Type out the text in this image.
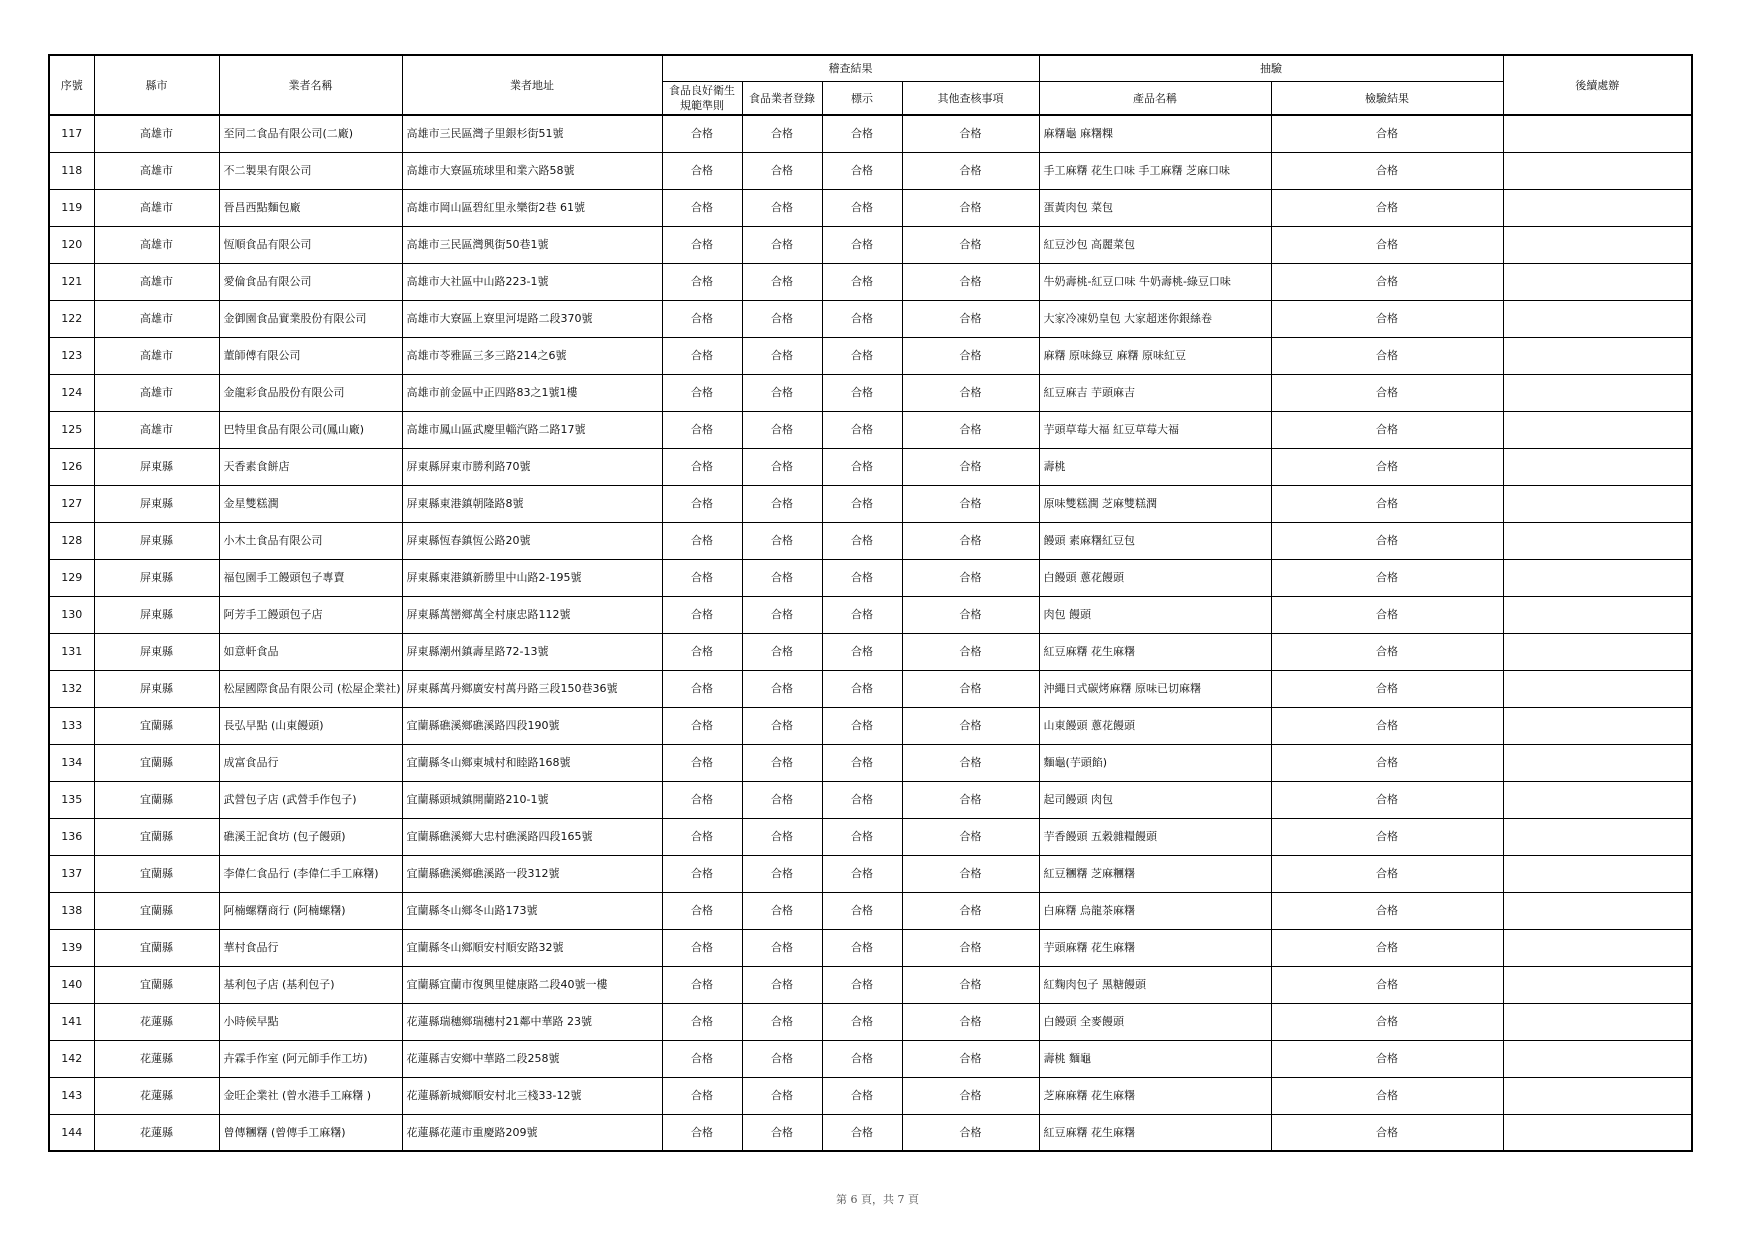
序號	縣市	業者名稱	業者地址	稽查結果				抽驗		後續處辦
				食品良好衛生規範準則	食品業者登錄	標示	其他查核事項	產品名稱	檢驗結果	
117	高雄市	至同二食品有限公司(二廠)	高雄市三民區灣子里銀杉街51號	合格	合格	合格	合格	麻糬龜 麻糬粿	合格	
118	高雄市	不二製果有限公司	高雄市大寮區琉球里和業六路58號	合格	合格	合格	合格	手工麻糬 花生口味 手工麻糬 芝麻口味	合格	
119	高雄市	晉昌西點麵包廠	高雄市岡山區碧紅里永樂街2巷 61號	合格	合格	合格	合格	蛋黃肉包 菜包	合格	
120	高雄市	恆順食品有限公司	高雄市三民區灣興街50巷1號	合格	合格	合格	合格	紅豆沙包 高麗菜包	合格	
121	高雄市	愛倫食品有限公司	高雄市大社區中山路223-1號	合格	合格	合格	合格	牛奶壽桃-紅豆口味 牛奶壽桃-綠豆口味	合格	
122	高雄市	金御園食品實業股份有限公司	高雄市大寮區上寮里河堤路二段370號	合格	合格	合格	合格	大家冷凍奶皇包 大家超迷你銀絲卷	合格	
123	高雄市	董師傅有限公司	高雄市苓雅區三多三路214之6號	合格	合格	合格	合格	麻糬 原味綠豆 麻糬 原味紅豆	合格	
124	高雄市	金龍彩食品股份有限公司	高雄市前金區中正四路83之1號1樓	合格	合格	合格	合格	紅豆麻吉 芋頭麻吉	合格	
125	高雄市	巴特里食品有限公司(鳳山廠)	高雄市鳳山區武慶里輜汽路二路17號	合格	合格	合格	合格	芋頭草莓大福 紅豆草莓大福	合格	
126	屏東縣	天香素食餅店	屏東縣屏東市勝利路70號	合格	合格	合格	合格	壽桃	合格	
127	屏東縣	金星雙糕潤	屏東縣東港鎮朝隆路8號	合格	合格	合格	合格	原味雙糕潤 芝麻雙糕潤	合格	
128	屏東縣	小木土食品有限公司	屏東縣恆春鎮恆公路20號	合格	合格	合格	合格	饅頭 素麻糬紅豆包	合格	
129	屏東縣	福包園手工饅頭包子專賣	屏東縣東港鎮新勝里中山路2-195號	合格	合格	合格	合格	白饅頭 蔥花饅頭	合格	
130	屏東縣	阿芳手工饅頭包子店	屏東縣萬巒鄉萬全村康忠路112號	合格	合格	合格	合格	肉包 饅頭	合格	
131	屏東縣	如意軒食品	屏東縣潮州鎮壽星路72-13號	合格	合格	合格	合格	紅豆麻糬 花生麻糬	合格	
132	屏東縣	松屋國際食品有限公司 (松屋企業社)	屏東縣萬丹鄉廣安村萬丹路三段150巷36號	合格	合格	合格	合格	沖繩日式碳烤麻糬 原味已切麻糬	合格	
133	宜蘭縣	長弘早點 (山東饅頭)	宜蘭縣礁溪鄉礁溪路四段190號	合格	合格	合格	合格	山東饅頭 蔥花饅頭	合格	
134	宜蘭縣	成富食品行	宜蘭縣冬山鄉東城村和睦路168號	合格	合格	合格	合格	麵龜(芋頭餡)	合格	
135	宜蘭縣	武營包子店 (武營手作包子)	宜蘭縣頭城鎮開蘭路210-1號	合格	合格	合格	合格	起司饅頭 肉包	合格	
136	宜蘭縣	礁溪王記食坊 (包子饅頭)	宜蘭縣礁溪鄉大忠村礁溪路四段165號	合格	合格	合格	合格	芋香饅頭 五穀雜糧饅頭	合格	
137	宜蘭縣	李偉仁食品行 (李偉仁手工麻糬)	宜蘭縣礁溪鄉礁溪路一段312號	合格	合格	合格	合格	紅豆糰糬 芝麻糰糬	合格	
138	宜蘭縣	阿楠螺糬商行 (阿楠螺糬)	宜蘭縣冬山鄉冬山路173號	合格	合格	合格	合格	白麻糬 烏龍茶麻糬	合格	
139	宜蘭縣	華村食品行	宜蘭縣冬山鄉順安村順安路32號	合格	合格	合格	合格	芋頭麻糬 花生麻糬	合格	
140	宜蘭縣	基利包子店 (基利包子)	宜蘭縣宜蘭市復興里健康路二段40號一樓	合格	合格	合格	合格	紅麴肉包子 黑糖饅頭	合格	
141	花蓮縣	小時候早點	花蓮縣瑞穗鄉瑞穗村21鄰中華路 23號	合格	合格	合格	合格	白饅頭 全麥饅頭	合格	
142	花蓮縣	卉霖手作室 (阿元師手作工坊)	花蓮縣吉安鄉中華路二段258號	合格	合格	合格	合格	壽桃 麵龜	合格	
143	花蓮縣	金旺企業社 (曾水港手工麻糬 )	花蓮縣新城鄉順安村北三棧33-12號	合格	合格	合格	合格	芝麻麻糬 花生麻糬	合格	
144	花蓮縣	曾傳糰糬 (曾傳手工麻糬)	花蓮縣花蓮市重慶路209號	合格	合格	合格	合格	紅豆麻糬 花生麻糬	合格	
第 6 頁，共 7 頁
